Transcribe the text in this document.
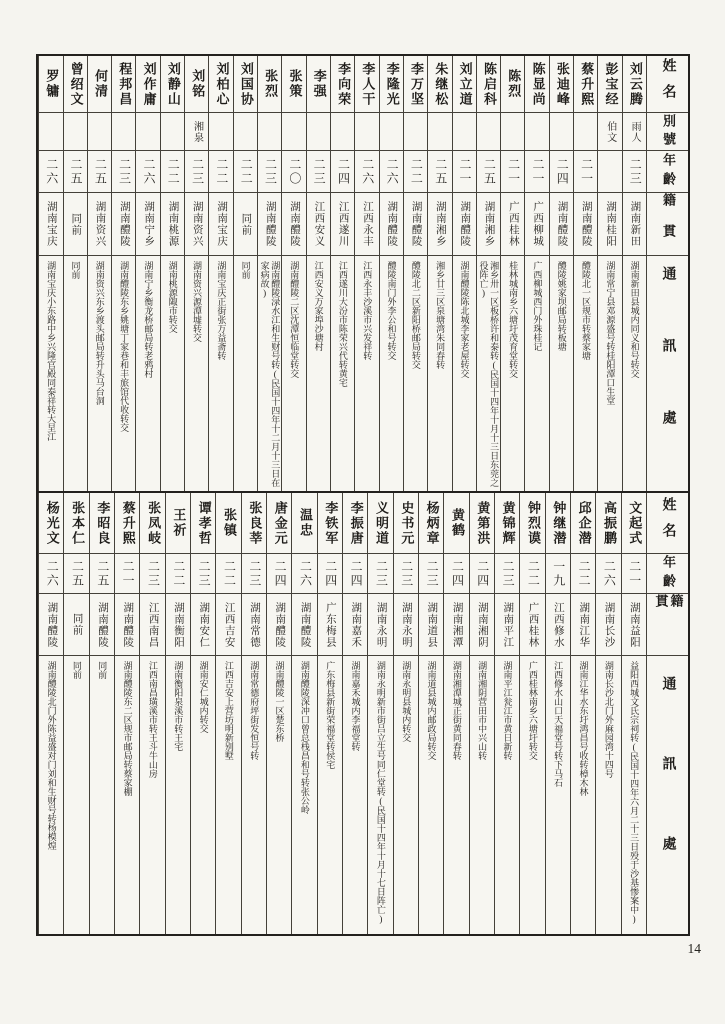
姓名
別號
年齡
籍貫
通訊處
刘云腾
雨人
二三
湖南新田
湖南新田县城内同义和号转交
彭宝经
伯文
湖南桂阳
湖南常宁县邓源盛号转桂阳潭口生堂
蔡升熙
二一
湖南醴陵
醴陵北一区规市转蔡家塘
张迪峰
二四
湖南醴陵
醴陵姚家坝邮局转板塘
陈显尚
二一
广西柳城
广西柳城西门外珠桂记
陈烈
二一
广西桂林
桂林城南乡六塘圩茂育堂转交
陈启科
二五
湖南湘乡
湘乡卅一区板桥许和泰转(民国十四年十月十三日东莞之役阵亡)
刘立道
二一
湖南醴陵
湖南醴陵陈北城李家老屋转交
朱继松
二五
湖南湘乡
湘乡廿三区泉塘湾朱同春转
李万坚
二二
湖南醴陵
醴陵北二区新阳桥邮局转交
李隆光
二六
湖南醴陵
醴陵南门外李公和号转交
李人干
二六
江西永丰
江西永丰沙溪市兴发祥转
李向荣
二四
江西遂川
江西遂川大汾市陈荣兴代转黄宅
李强
二三
江西安义
江西安义万家埠沙塘村
张策
二〇
湖南醴陵
湖南醴陵二区沈潭恒临堂转交
张烈
二三
湖南醴陵
湖南醴陵渌水江和生财号转(民国十四年十二月十三日在家病故)
刘国协
二二
同前
同前
刘柏心
二二
湖南宝庆
湖南宝庆正街张万益斋转
刘铭
湘泉
二三
湖南资兴
湖南资兴源潭墟转交
刘静山
二二
湖南桃源
湖南桃源陬市转交
刘作庸
二六
湖南宁乡
湖南宁乡衡龙桥邮局转老鸦村
程邦昌
二三
湖南醴陵
湖南醴陵东乡姚塘丁家巷和丰旅馆代收转交
何清
二五
湖南资兴
湖南资兴东乡渡头邮局转升头马台洞
曾绍文
二五
同前
同前
罗镛
二六
湖南宝庆
湖南宝庆小东路中乡兴隆官殿同泰祥转大圼江
姓名
年齡
籍貫
通訊處
文起式
二一
湖南益阳
益阳西城文氏宗祠转(民国十四年六月二十三日殁于沙基惨案中)
高振鹏
二六
湖南长沙
湖南长沙北门外麻园湾十四号
邱企潜
二二
湖南江华
湖南江华水东圩鸿昌号收转樟木林
钟继潜
一九
江西修水
江西修水山口天福堂号转下马石
钟烈谟
二二
广西桂林
广西桂林南乡六塘圩转交
黄锦辉
二三
湖南平江
湖南平江瓮江市黄日新转
黄第洪
二四
湖南湘阴
湖南湘阴营田市中兴山转
黄鹤
二四
湖南湘潭
湖南湘潭城正街黄同春转
杨炳章
二三
湖南道县
湖南道县城内邮政局转交
史书元
二三
湖南永明
湖南永明县城内转交
义明道
二三
湖南永明
湖南永明新市街吕立生号同仁堂转(民国十四年十月十七日阵亡)
李振唐
二四
湖南嘉禾
湖南嘉禾城内李福堂转
李铁军
二四
广东梅县
广东梅县新街荣福堂转侯宅
温忠
二六
湖南醴陵
湖南醴陵深冲口曾总栈昌和号转张公岭
唐金元
二四
湖南醴陵
湖南醴陵一区楚东桥
张良莘
二三
湖南常德
湖南常德府坪街发恒号转
张镇
二二
江西吉安
江西吉安上营坊明新别墅
谭孝哲
二三
湖南安仁
湖南安仁城内转交
王祈
二二
湖南衡阳
湖南衡阳泉溪市转王宅
张凤岐
二三
江西南昌
江西南昌璜溪市转王斗牛山房
蔡升熙
二一
湖南醴陵
湖南醴陵东二区规市邮局转蔡家棚
李昭良
二五
湖南醴陵
同前
张本仁
二五
同前
同前
杨光文
二六
湖南醴陵
湖南醴陵北门外陈益盛对门刘和生财号转杨模煌
14
